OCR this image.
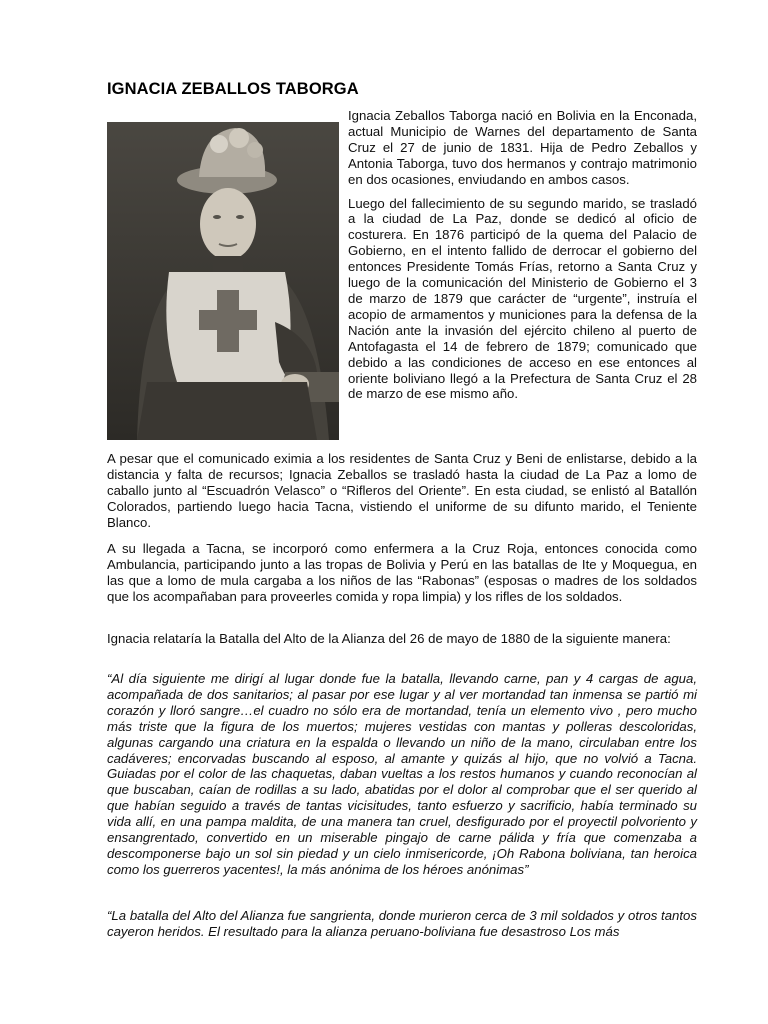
IGNACIA ZEBALLOS TABORGA

Ignacia Zeballos Taborga nació en Bolivia en la Enconada, actual Municipio de Warnes del departamento de Santa Cruz el 27 de junio de 1831. Hija de Pedro Zeballos y Antonia Taborga, tuvo dos hermanos y contrajo matrimonio en dos ocasiones, enviudando en ambos casos.

Luego del fallecimiento de su segundo marido, se trasladó a la ciudad de La Paz, donde se dedicó al oficio de costurera. En 1876 participó de la quema del Palacio de Gobierno, en el intento fallido de derrocar el gobierno del entonces Presidente Tomás Frías, retorno a Santa Cruz y luego de la comunicación del Ministerio de Gobierno el 3 de marzo de 1879 que carácter de “urgente”, instruía el acopio de armamentos y municiones para la defensa de la Nación ante la invasión del ejército chileno al puerto de Antofagasta el 14 de febrero de 1879; comunicado que debido a las condiciones de acceso en ese entonces al oriente boliviano llegó a la Prefectura de Santa Cruz el 28 de marzo de ese mismo año.

A pesar que el comunicado eximia a los residentes de Santa Cruz y Beni de enlistarse, debido a la distancia y falta de recursos; Ignacia Zeballos se trasladó hasta la ciudad de La Paz a lomo de caballo junto al “Escuadrón Velasco” o “Rifleros del Oriente”. En esta ciudad, se enlistó al Batallón Colorados, partiendo luego hacia Tacna, vistiendo el uniforme de su difunto marido, el Teniente Blanco.

A su llegada a Tacna, se incorporó como enfermera a la Cruz Roja, entonces conocida como Ambulancia, participando junto a las tropas de Bolivia y Perú en las batallas de Ite y Moquegua, en las que a lomo de mula cargaba a los niños de las “Rabonas” (esposas o madres de los soldados que los acompañaban para proveerles comida y ropa limpia) y los rifles de los soldados.

Ignacia relataría la Batalla del Alto de la Alianza del 26 de mayo de 1880 de la siguiente manera:

“Al día siguiente me dirigí al lugar donde fue la batalla, llevando carne, pan y 4 cargas de agua, acompañada de dos sanitarios; al pasar por ese lugar y al ver mortandad tan inmensa se partió mi corazón y lloró sangre…el cuadro no sólo era de mortandad, tenía un elemento vivo , pero mucho más triste que la figura de los muertos; mujeres vestidas con mantas y polleras descoloridas, algunas cargando una criatura en la espalda o llevando un niño de la mano, circulaban entre los cadáveres; encorvadas buscando al esposo, al amante y quizás al hijo, que no volvió a Tacna. Guiadas por el color de las chaquetas, daban vueltas a los restos humanos y cuando reconocían al que buscaban, caían de rodillas a su lado, abatidas por el dolor al comprobar que el ser querido al que habían seguido a través de tantas vicisitudes, tanto esfuerzo y sacrificio, había terminado su vida allí, en una pampa maldita, de una manera tan cruel, desfigurado por el proyectil polvoriento y ensangrentado, convertido en un miserable pingajo de carne pálida y fría que comenzaba a descomponerse bajo un sol sin piedad y un cielo inmisericorde, ¡Oh Rabona boliviana, tan heroica como los guerreros yacentes!, la más anónima de los héroes anónimas”

“La batalla del Alto del Alianza fue sangrienta, donde murieron cerca de 3 mil soldados y otros tantos cayeron heridos. El resultado para la alianza peruano-boliviana fue desastroso Los más
